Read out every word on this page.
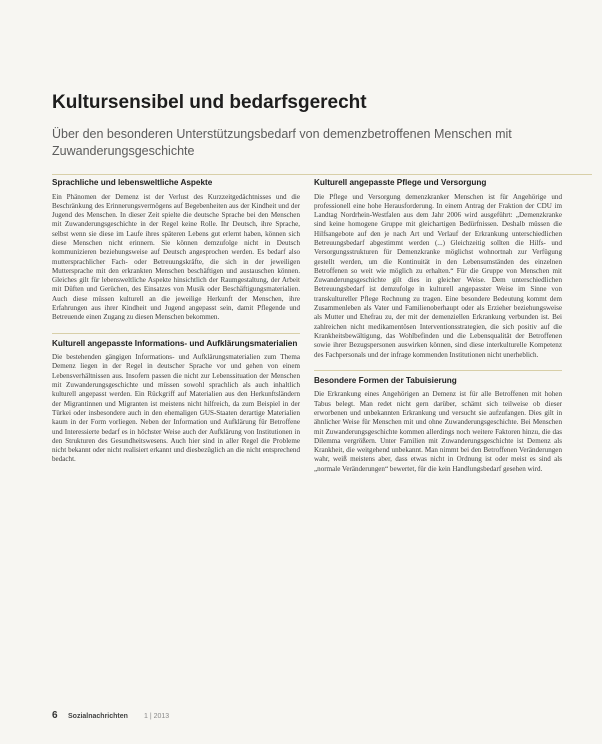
Kultursensibel und bedarfsgerecht
Über den besonderen Unterstützungsbedarf von demenzbetroffenen Menschen mit Zuwanderungsgeschichte
Sprachliche und lebensweltliche Aspekte

Ein Phänomen der Demenz ist der Verlust des Kurzzeitgedächtnisses und die Beschränkung des Erinnerungsvermögens auf Begebenheiten aus der Kindheit und der Jugend des Menschen. In dieser Zeit spielte die deutsche Sprache bei den Menschen mit Zuwanderungsgeschichte in der Regel keine Rolle. Ihr Deutsch, ihre Sprache, selbst wenn sie diese im Laufe ihres späteren Lebens gut erlernt haben, können sich diese Menschen nicht erinnern. Sie können demzufolge nicht in Deutsch kommunizieren beziehungsweise auf Deutsch angesprochen werden. Es bedarf also muttersprachlicher Fach- oder Betreuungskräfte, die sich in der jeweiligen Muttersprache mit den erkrankten Menschen beschäftigen und austauschen können. Gleiches gilt für lebensweltliche Aspekte hinsichtlich der Raumgestaltung, der Arbeit mit Düften und Gerüchen, des Einsatzes von Musik oder Beschäftigungsmaterialien. Auch diese müssen kulturell an die jeweilige Herkunft der Menschen, ihre Erfahrungen aus ihrer Kindheit und Jugend angepasst sein, damit Pflegende und Betreuende einen Zugang zu diesen Menschen bekommen.

Kulturell angepasste Informations- und Aufklärungsmaterialien

Die bestehenden gängigen Informations- und Aufklärungsmaterialien zum Thema Demenz liegen in der Regel in deutscher Sprache vor und gehen von einem Lebensverhältnissen aus. Insofern passen die nicht zur Lebenssituation der Menschen mit Zuwanderungsgeschichte und müssen sowohl sprachlich als auch inhaltlich kulturell angepasst werden. Ein Rückgriff auf Materialien aus den Herkunftsländern der Migrantinnen und Migranten ist meistens nicht hilfreich, da zum Beispiel in der Türkei oder insbesondere auch in den ehemaligen GUS-Staaten derartige Materialien kaum in der Form vorliegen. Neben der Information und Aufklärung für Betroffene und Interessierte bedarf es in höchster Weise auch der Aufklärung von Institutionen in den Strukturen des Gesundheitswesens. Auch hier sind in aller Regel die Probleme nicht bekannt oder nicht realisiert erkannt und diesbezüglich an die nicht entsprechend bedacht.

Kulturell angepasste Pflege und Versorgung

Die Pflege und Versorgung demenzkranker Menschen ist für Angehörige und professionell eine hohe Herausforderung. In einem Antrag der Fraktion der CDU im Landtag Nordrhein-Westfalen aus dem Jahr 2006 wird ausgeführt: „Demenzkranke sind keine homogene Gruppe mit gleichartigen Bedürfnissen. Deshalb müssen die Hilfsangebote auf den je nach Art und Verlauf der Erkrankung unterschiedlichen Betreuungsbedarf abgestimmt werden (...) Gleichzeitig sollten die Hilfs- und Versorgungsstrukturen für Demenzkranke möglichst wohnortnah zur Verfügung gestellt werden, um die Kontinuität in den Lebensumständen des einzelnen Betroffenen so weit wie möglich zu erhalten.“ Für die Gruppe von Menschen mit Zuwanderungsgeschichte gilt dies in gleicher Weise. Dem unterschiedlichen Betreuungsbedarf ist demzufolge in kulturell angepasster Weise im Sinne von transkultureller Pflege Rechnung zu tragen. Eine besondere Bedeutung kommt dem Zusammenleben als Vater und Familienoberhaupt oder als Erzieher beziehungsweise als Mutter und Ehefrau zu, der mit der demenziellen Erkrankung verbunden ist. Bei zahlreichen nicht medikamentösen Interventionsstrategien, die sich positiv auf die Krankheitsbewältigung, das Wohlbefinden und die Lebensqualität der Betroffenen sowie ihrer Bezugspersonen auswirken können, sind diese interkulturelle Kompetenz des Fachpersonals und der infrage kommenden Institutionen nicht unerheblich.

Besondere Formen der Tabuisierung

Die Erkrankung eines Angehörigen an Demenz ist für alle Betroffenen mit hohen Tabus belegt. Man redet nicht gern darüber, schämt sich teilweise ob dieser erworbenen und unbekannten Erkrankung und versucht sie aufzufangen. Dies gilt in ähnlicher Weise für Menschen mit und ohne Zuwanderungsgeschichte. Bei Menschen mit Zuwanderungsgeschichte kommen allerdings noch weitere Faktoren hinzu, die das Dilemma vergrößern. Unter Familien mit Zuwanderungsgeschichte ist Demenz als Krankheit, die weitgehend unbekannt. Man nimmt bei den Betroffenen Veränderungen wahr, weiß meistens aber, dass etwas nicht in Ordnung ist oder meist es sind als „normale Veränderungen“ bewertet, für die kein Handlungsbedarf gesehen wird.

6 Sozialnachrichten 1 | 2013
